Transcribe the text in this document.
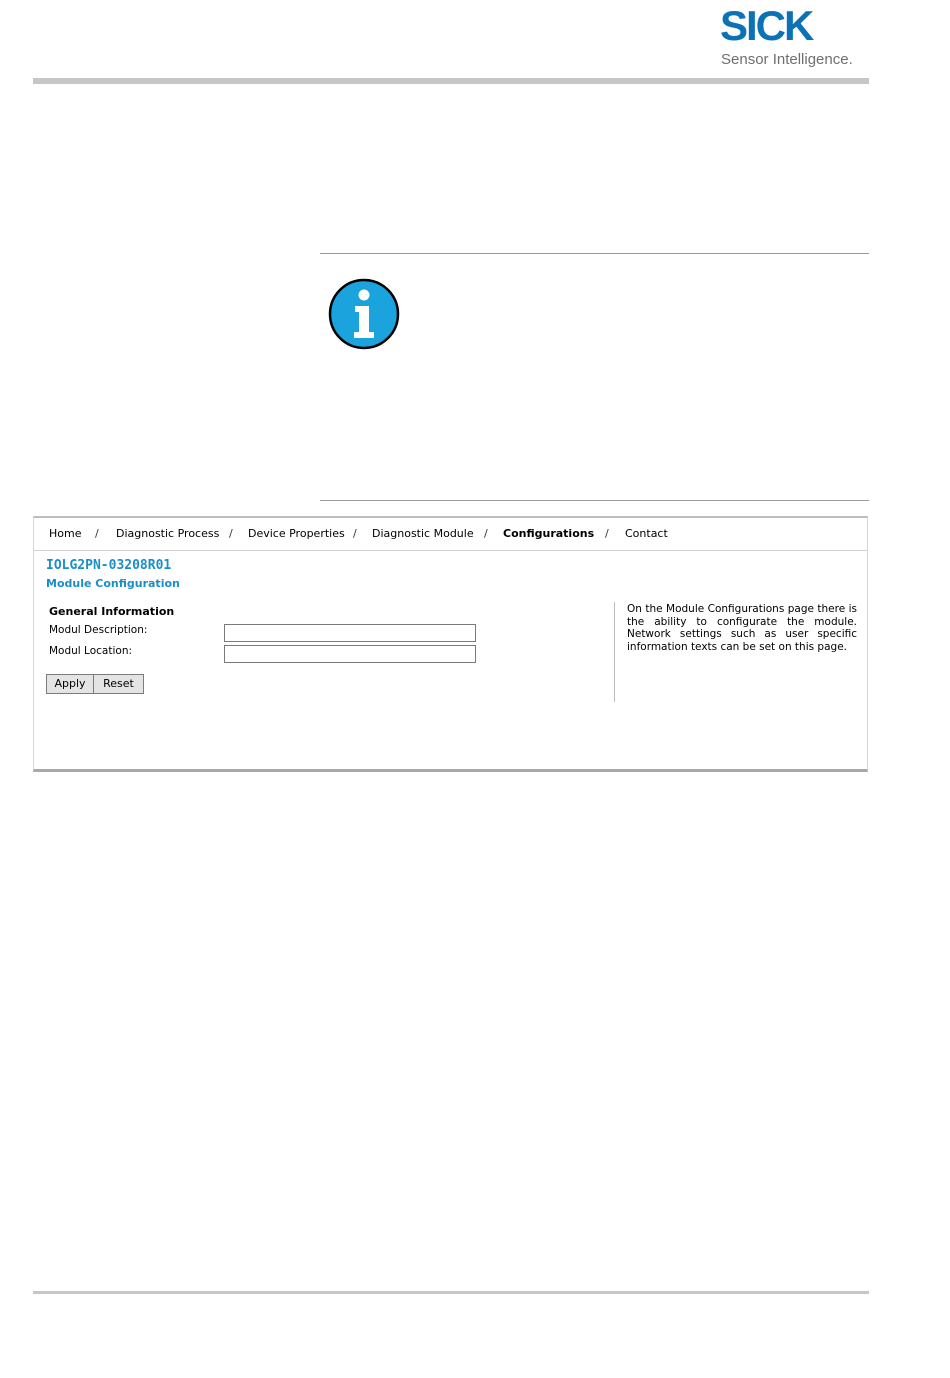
SICK
Sensor Intelligence.
Home / Diagnostic Process / Device Properties / Diagnostic Module / Configurations / Contact
IOLG2PN-03208R01
Module Configuration
General Information
Modul Description:
Modul Location:
Apply	Reset
On the Module Configurations page there is the ability to configurate the module. Network settings such as user specific information texts can be set on this page.
